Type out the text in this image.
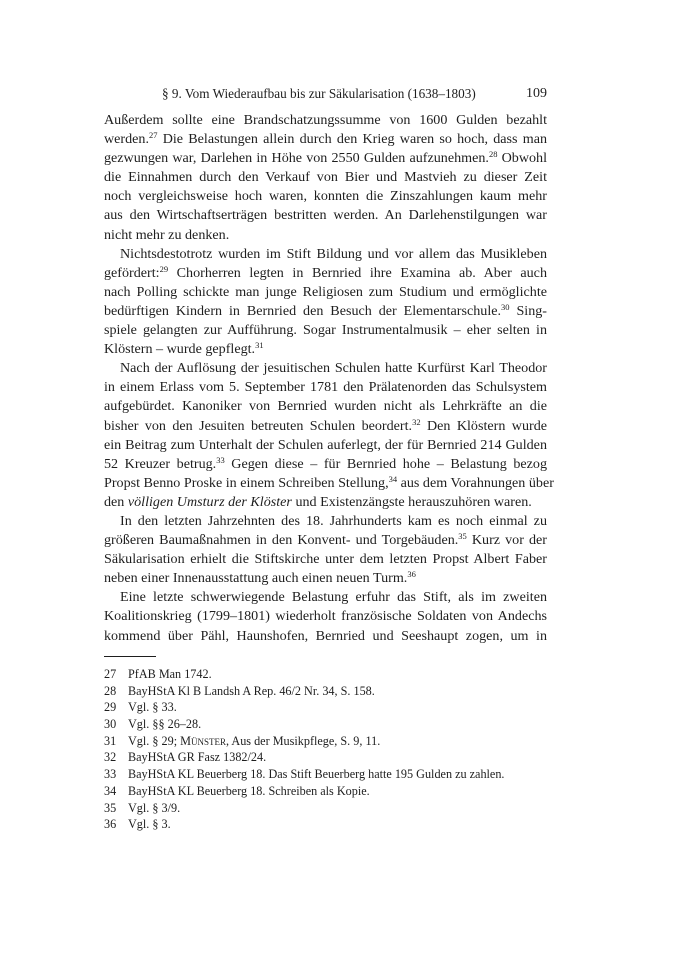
§ 9. Vom Wiederaufbau bis zur Säkularisation (1638–1803)	109
Außerdem sollte eine Brandschatzungssumme von 1600 Gulden bezahlt
werden.$^{27}$ Die Belastungen allein durch den Krieg waren so hoch, dass man
gezwungen war, Darlehen in Höhe von 2550 Gulden aufzunehmen.$^{28}$ Obwohl
die Einnahmen durch den Verkauf von Bier und Mastvieh zu dieser Zeit
noch vergleichsweise hoch waren, konnten die Zinszahlungen kaum mehr
aus den Wirtschaftserträgen bestritten werden. An Darlehenstilgungen war
nicht mehr zu denken.
Nichtsdestotrotz wurden im Stift Bildung und vor allem das Musikleben
gefördert:$^{29}$ Chorherren legten in Bernried ihre Examina ab. Aber auch
nach Polling schickte man junge Religiosen zum Studium und ermöglichte
bedürftigen Kindern in Bernried den Besuch der Elementarschule.$^{30}$ Sing-
spiele gelangten zur Aufführung. Sogar Instrumentalmusik – eher selten in
Klöstern – wurde gepflegt.$^{31}$
Nach der Auflösung der jesuitischen Schulen hatte Kurfürst Karl Theodor
in einem Erlass vom 5. September 1781 den Prälatenorden das Schulsystem
aufgebürdet. Kanoniker von Bernried wurden nicht als Lehrkräfte an die
bisher von den Jesuiten betreuten Schulen beordert.$^{32}$ Den Klöstern wurde
ein Beitrag zum Unterhalt der Schulen auferlegt, der für Bernried 214 Gulden
52 Kreuzer betrug.$^{33}$ Gegen diese – für Bernried hohe – Belastung bezog
Propst Benno Proske in einem Schreiben Stellung,$^{34}$ aus dem Vorahnungen über
den völligen Umsturz der Klöster und Existenzängste herauszuhören waren.
In den letzten Jahrzehnten des 18. Jahrhunderts kam es noch einmal zu
größeren Baumaßnahmen in den Konvent- und Torgebäuden.$^{35}$ Kurz vor der
Säkularisation erhielt die Stiftskirche unter dem letzten Propst Albert Faber
neben einer Innenausstattung auch einen neuen Turm.$^{36}$
Eine letzte schwerwiegende Belastung erfuhr das Stift, als im zweiten
Koalitionskrieg (1799–1801) wiederholt französische Soldaten von Andechs
kommend über Pähl, Haunshofen, Bernried und Seeshaupt zogen, um in
27 PfAB Man 1742.
28 BayHStA Kl B Landsh A Rep. 46/2 Nr. 34, S. 158.
29 Vgl. § 33.
30 Vgl. §§ 26–28.
31 Vgl. § 29; Münster, Aus der Musikpflege, S. 9, 11.
32 BayHStA GR Fasz 1382/24.
33 BayHStA KL Beuerberg 18. Das Stift Beuerberg hatte 195 Gulden zu zahlen.
34 BayHStA KL Beuerberg 18. Schreiben als Kopie.
35 Vgl. § 3/9.
36 Vgl. § 3.
